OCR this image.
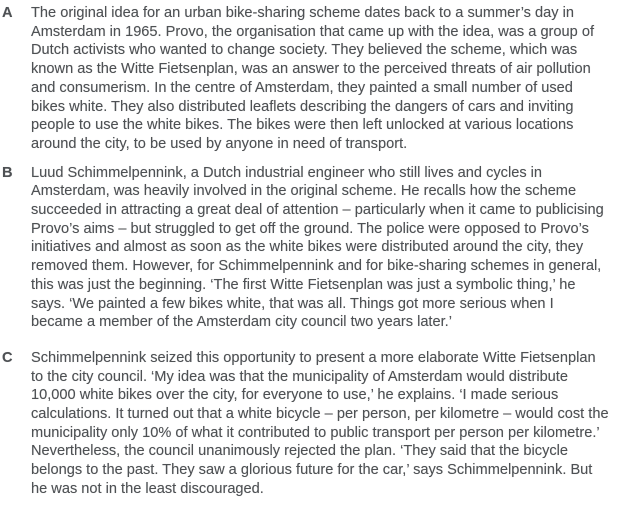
A	The original idea for an urban bike-sharing scheme dates back to a summer’s day in Amsterdam in 1965. Provo, the organisation that came up with the idea, was a group of Dutch activists who wanted to change society. They believed the scheme, which was known as the Witte Fietsenplan, was an answer to the perceived threats of air pollution and consumerism. In the centre of Amsterdam, they painted a small number of used bikes white. They also distributed leaflets describing the dangers of cars and inviting people to use the white bikes. The bikes were then left unlocked at various locations around the city, to be used by anyone in need of transport.
B	Luud Schimmelpennink, a Dutch industrial engineer who still lives and cycles in Amsterdam, was heavily involved in the original scheme. He recalls how the scheme succeeded in attracting a great deal of attention – particularly when it came to publicising Provo’s aims – but struggled to get off the ground. The police were opposed to Provo’s initiatives and almost as soon as the white bikes were distributed around the city, they removed them. However, for Schimmelpennink and for bike-sharing schemes in general, this was just the beginning. ‘The first Witte Fietsenplan was just a symbolic thing,’ he says. ‘We painted a few bikes white, that was all. Things got more serious when I became a member of the Amsterdam city council two years later.’
C	Schimmelpennink seized this opportunity to present a more elaborate Witte Fietsenplan to the city council. ‘My idea was that the municipality of Amsterdam would distribute 10,000 white bikes over the city, for everyone to use,’ he explains. ‘I made serious calculations. It turned out that a white bicycle – per person, per kilometre – would cost the municipality only 10% of what it contributed to public transport per person per kilometre.’ Nevertheless, the council unanimously rejected the plan. ‘They said that the bicycle belongs to the past. They saw a glorious future for the car,’ says Schimmelpennink. But he was not in the least discouraged.
